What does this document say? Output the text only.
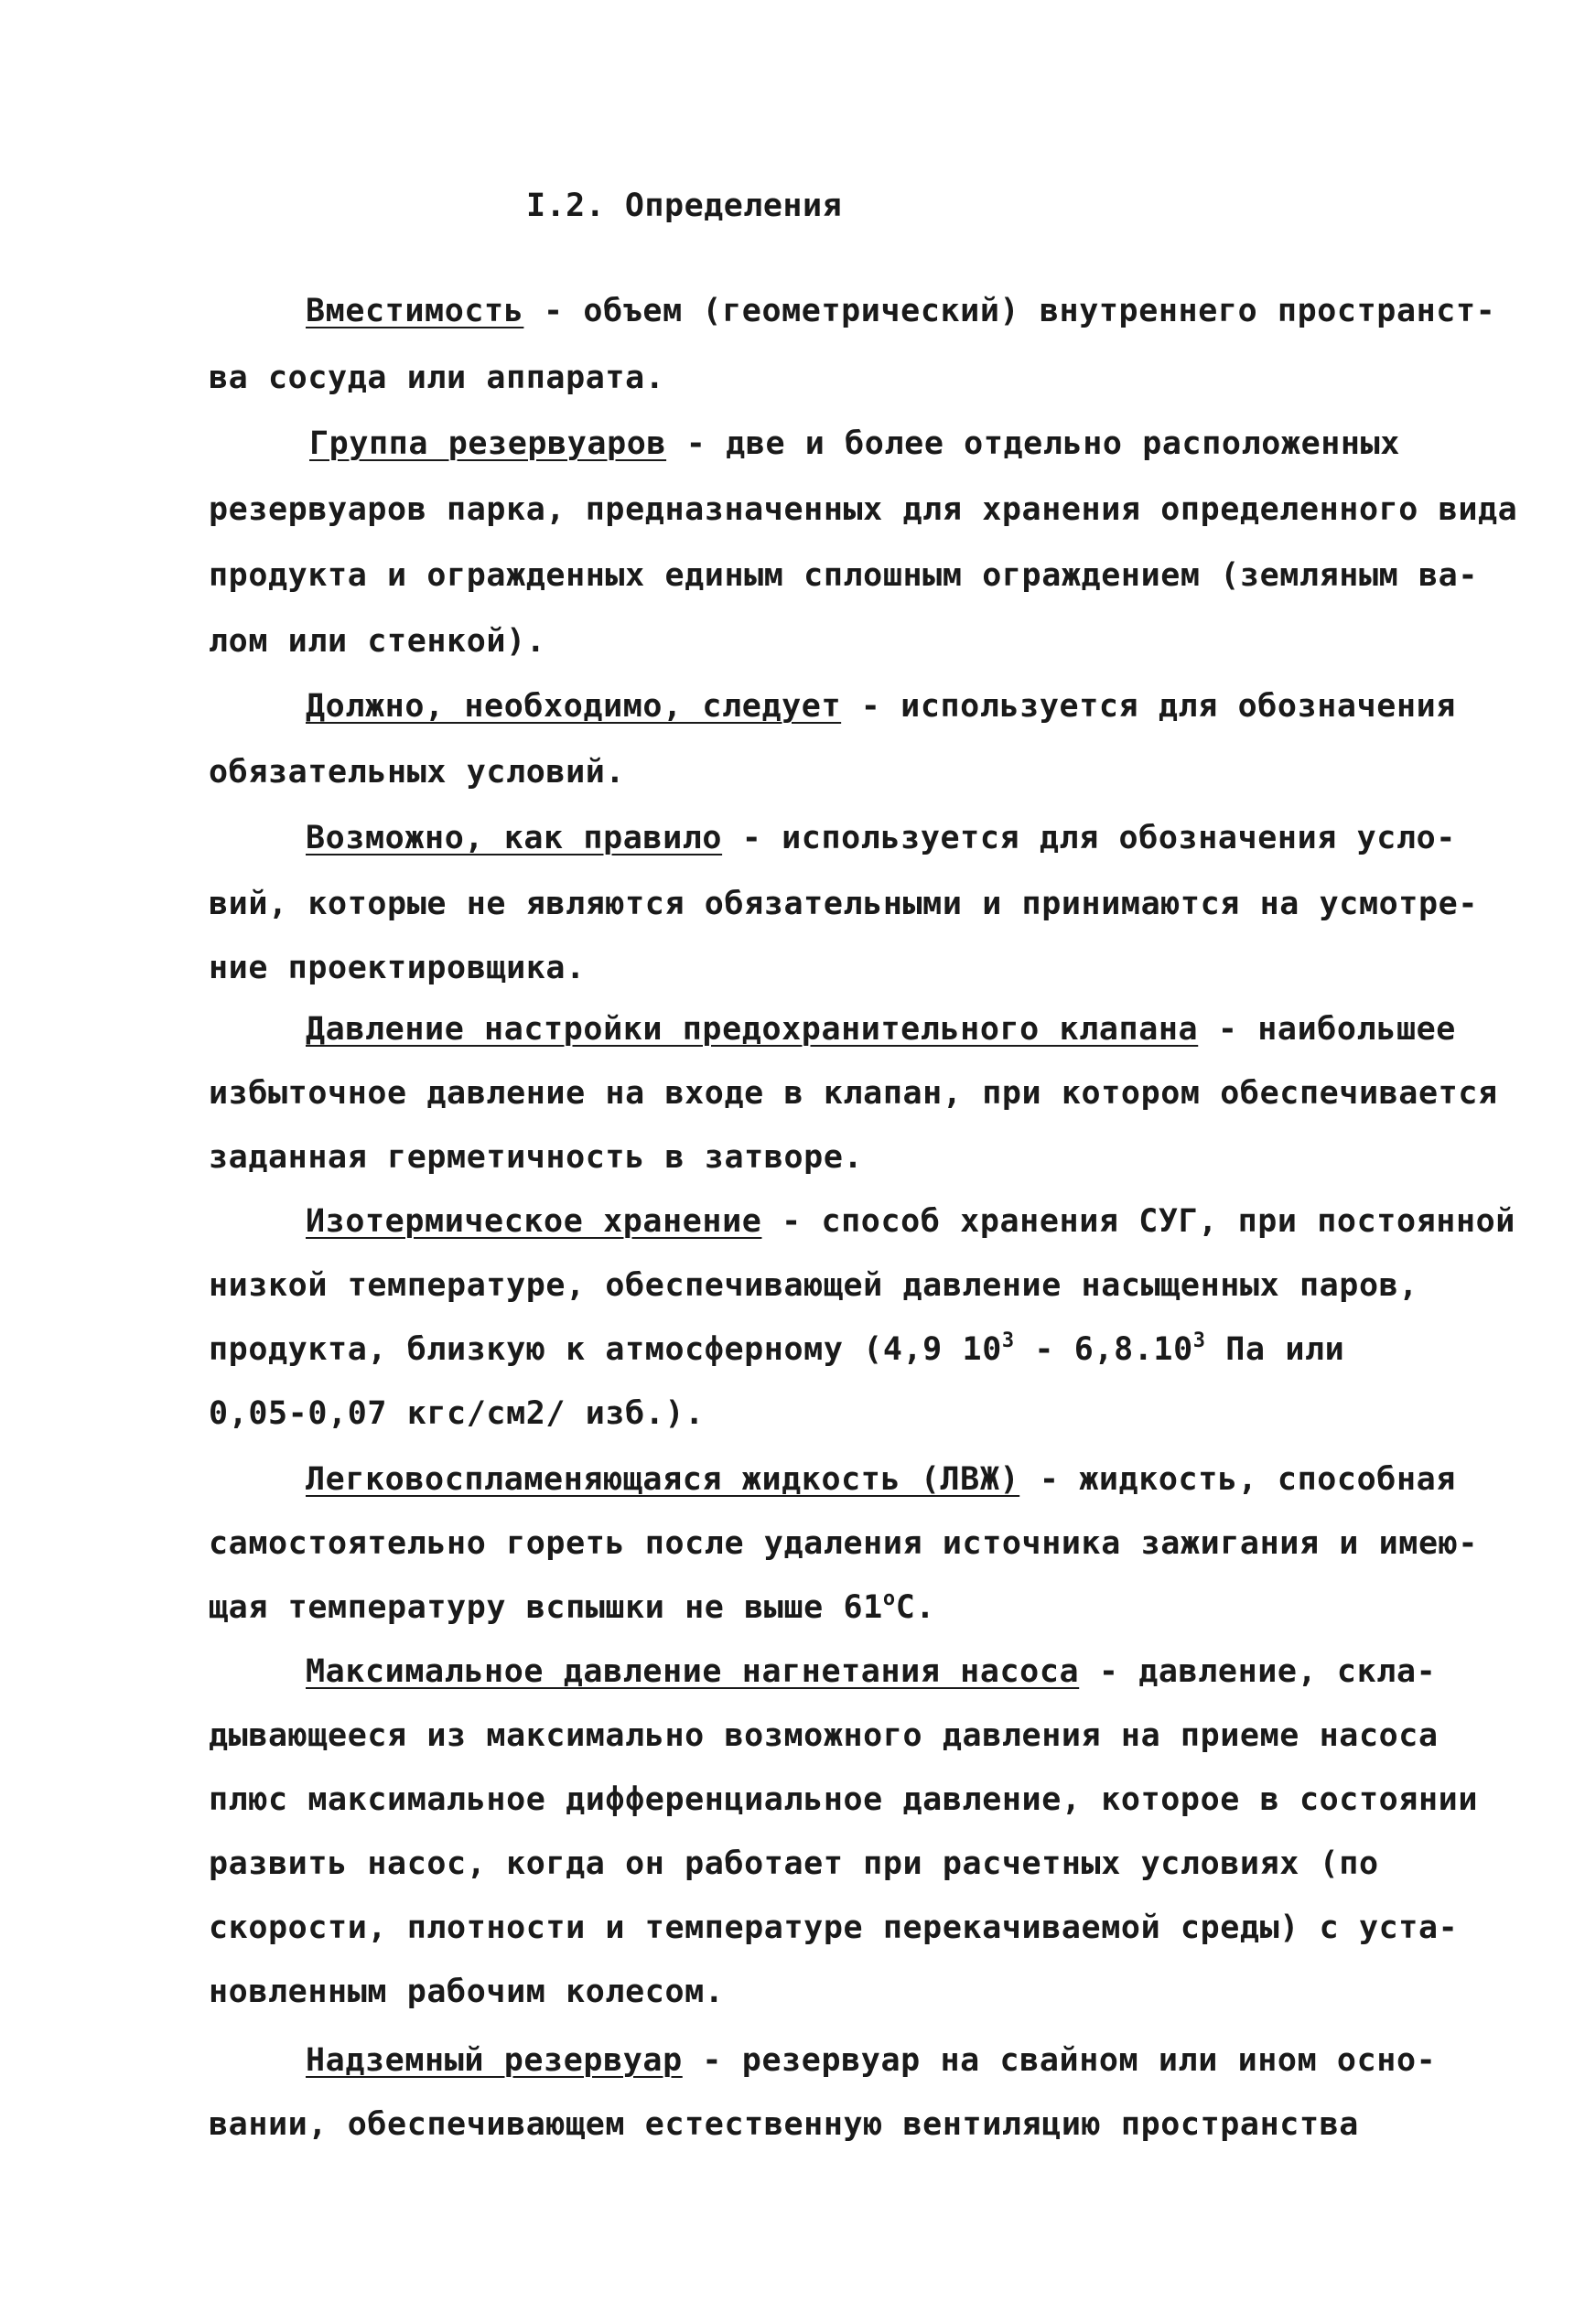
I.2. Определения
Вместимость - объем (геометрический) внутреннего пространст-
ва сосуда или аппарата.
Группа резервуаров - две и более отдельно расположенных
резервуаров парка, предназначенных для хранения определенного вида
продукта и огражденных единым сплошным ограждением (земляным ва-
лом или стенкой).
Должно, необходимо, следует - используется для обозначения
обязательных условий.
Возможно, как правило - используется для обозначения усло-
вий, которые не являются обязательными и принимаются на усмотре-
ние проектировщика.
Давление настройки предохранительного клапана - наибольшее
избыточное давление на входе в клапан, при котором обеспечивается
заданная герметичность в затворе.
Изотермическое хранение - способ хранения СУГ, при постоянной
низкой температуре, обеспечивающей давление насыщенных паров,
продукта, близкую к атмосферному (4,9 $10^3 - 6,8.10^3$ Па или
0,05-0,07 кгс/см2/ изб.).
Легковоспламеняющаяся жидкость (ЛВЖ) - жидкость, способная
самостоятельно гореть после удаления источника зажигания и имею-
щая температуру вспышки не выше $61^оС$.
Максимальное давление нагнетания насоса - давление, скла-
дывающееся из максимально возможного давления на приеме насоса
плюс максимальное дифференциальное давление, которое в состоянии
развить насос, когда он работает при расчетных условиях (по
скорости, плотности и температуре перекачиваемой среды) с уста-
новленным рабочим колесом.
Надземный резервуар - резервуар на свайном или ином осно-
вании, обеспечивающем естественную вентиляцию пространства
